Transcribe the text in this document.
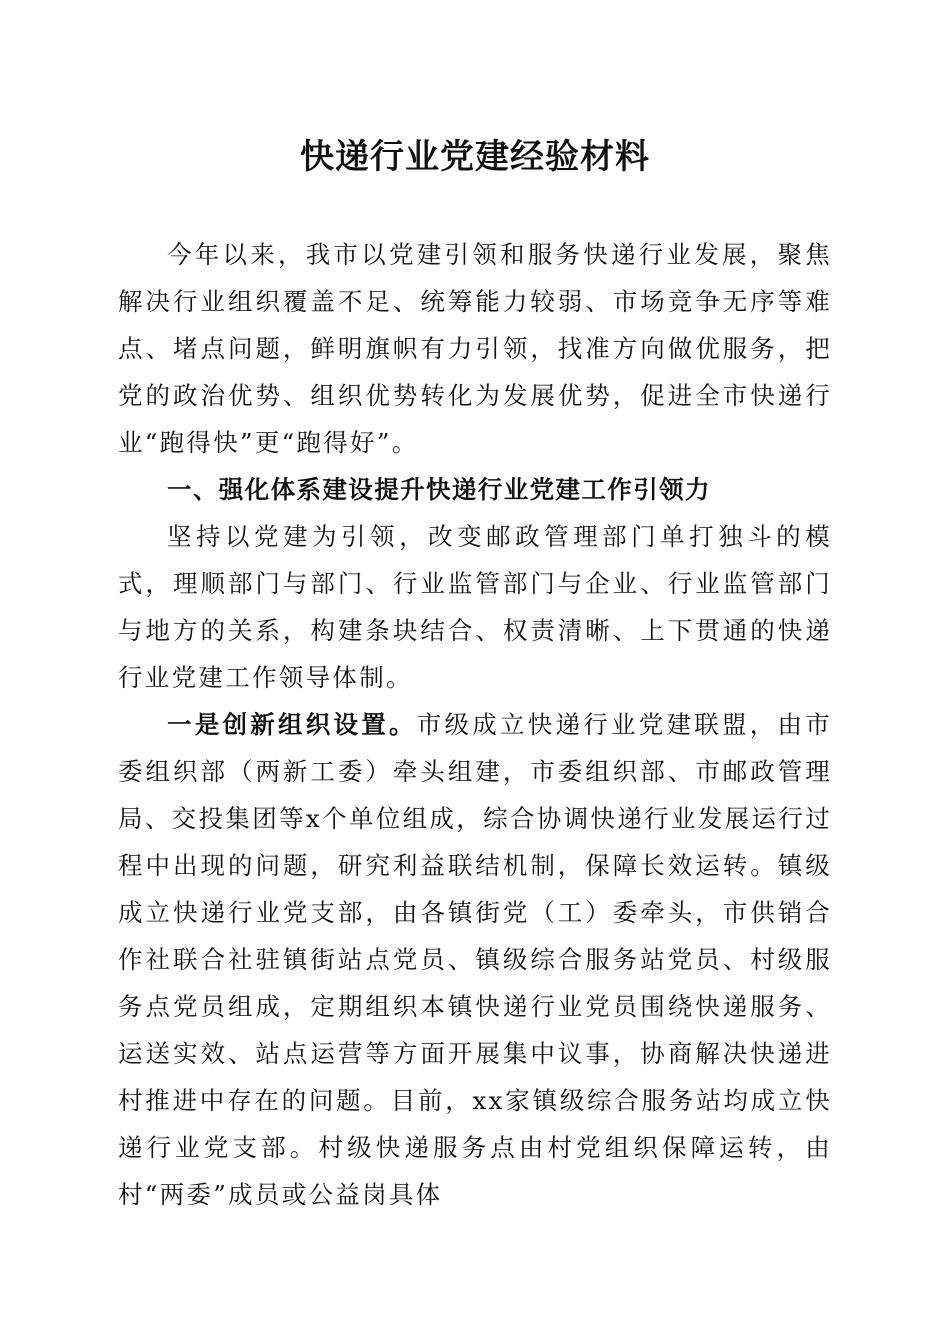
快递行业党建经验材料

今年以来，我市以党建引领和服务快递行业发展，聚焦解决行业组织覆盖不足、统筹能力较弱、市场竞争无序等难点、堵点问题，鲜明旗帜有力引领，找准方向做优服务，把党的政治优势、组织优势转化为发展优势，促进全市快递行业“跑得快”更“跑得好”。

一、强化体系建设提升快递行业党建工作引领力

坚持以党建为引领，改变邮政管理部门单打独斗的模式，理顺部门与部门、行业监管部门与企业、行业监管部门与地方的关系，构建条块结合、权责清晰、上下贯通的快递行业党建工作领导体制。

一是创新组织设置。市级成立快递行业党建联盟，由市委组织部（两新工委）牵头组建，市委组织部、市邮政管理局、交投集团等x个单位组成，综合协调快递行业发展运行过程中出现的问题，研究利益联结机制，保障长效运转。镇级成立快递行业党支部，由各镇街党（工）委牵头，市供销合作社联合社驻镇街站点党员、镇级综合服务站党员、村级服务点党员组成，定期组织本镇快递行业党员围绕快递服务、运送实效、站点运营等方面开展集中议事，协商解决快递进村推进中存在的问题。目前，xx家镇级综合服务站均成立快递行业党支部。村级快递服务点由村党组织保障运转，由村“两委”成员或公益岗具体
